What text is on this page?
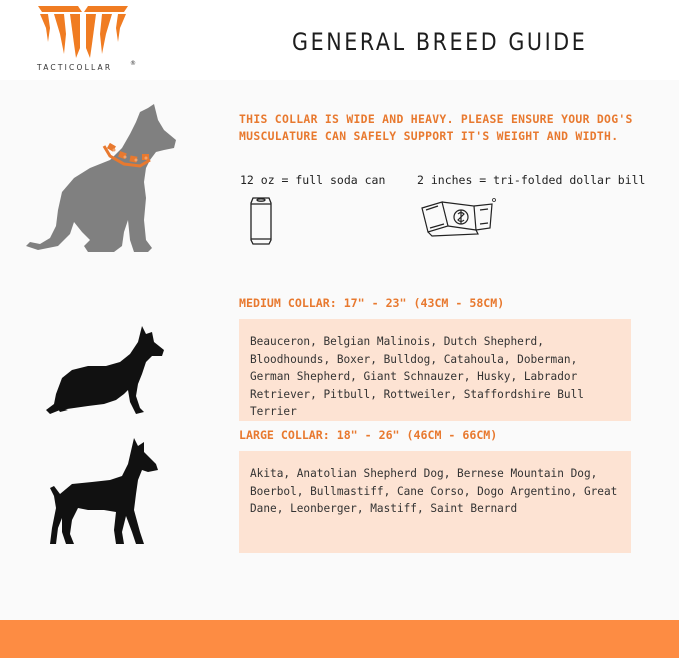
TACTICOLLAR	®
GENERAL BREED GUIDE
THIS COLLAR IS WIDE AND HEAVY. PLEASE ENSURE YOUR DOG'S MUSCULATURE CAN SAFELY SUPPORT IT'S WEIGHT AND WIDTH.
12 oz = full soda can	2 inches = tri-folded dollar bill
MEDIUM COLLAR: 17" - 23" (43CM - 58CM)
Beauceron, Belgian Malinois, Dutch Shepherd, Bloodhounds, Boxer, Bulldog, Catahoula, Doberman, German Shepherd, Giant Schnauzer, Husky, Labrador Retriever, Pitbull, Rottweiler, Staffordshire Bull Terrier
LARGE COLLAR: 18" - 26" (46CM - 66CM)
Akita, Anatolian Shepherd Dog, Bernese Mountain Dog, Boerbol, Bullmastiff, Cane Corso, Dogo Argentino, Great Dane, Leonberger, Mastiff, Saint Bernard
